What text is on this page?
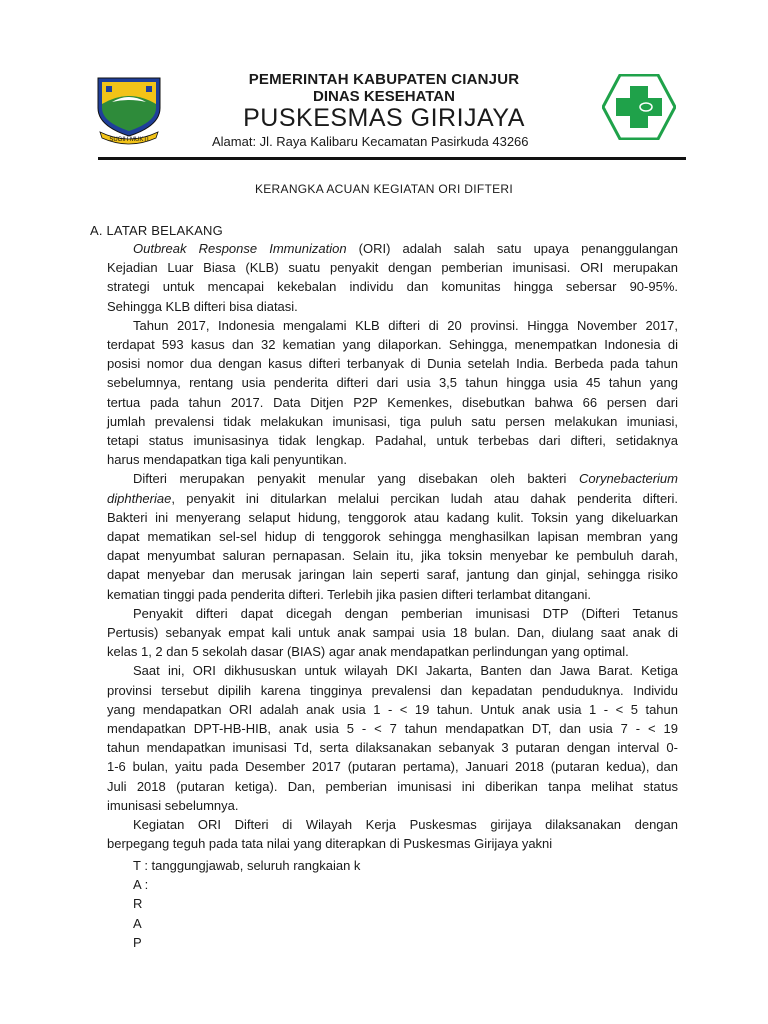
SUGIH MUKTI
PEMERINTAH KABUPATEN CIANJUR
DINAS KESEHATAN
PUSKESMAS GIRIJAYA
Alamat: Jl. Raya Kalibaru Kecamatan Pasirkuda 43266
KERANGKA ACUAN KEGIATAN ORI DIFTERI
A. LATAR BELAKANG
Outbreak Response Immunization (ORI) adalah salah satu upaya penanggulangan
Kejadian Luar Biasa (KLB) suatu penyakit dengan pemberian imunisasi. ORI merupakan
strategi untuk mencapai kekebalan individu dan komunitas hingga sebersar 90-95%.
Sehingga KLB difteri bisa diatasi.
Tahun 2017, Indonesia mengalami KLB difteri di 20 provinsi. Hingga November 2017,
terdapat 593 kasus dan 32 kematian yang dilaporkan. Sehingga, menempatkan Indonesia di
posisi nomor dua dengan kasus difteri terbanyak di Dunia setelah India. Berbeda pada tahun
sebelumnya, rentang usia penderita difteri dari usia 3,5 tahun hingga usia 45 tahun yang
tertua pada tahun 2017. Data Ditjen P2P Kemenkes, disebutkan bahwa 66 persen dari
jumlah prevalensi tidak melakukan imunisasi, tiga puluh satu persen melakukan imuniasi,
tetapi status imunisasinya tidak lengkap. Padahal, untuk terbebas dari difteri, setidaknya
harus mendapatkan tiga kali penyuntikan.
Difteri merupakan penyakit menular yang disebakan oleh bakteri Corynebacterium
diphtheriae, penyakit ini ditularkan melalui percikan ludah atau dahak penderita difteri.
Bakteri ini menyerang selaput hidung, tenggorok atau kadang kulit. Toksin yang dikeluarkan
dapat mematikan sel-sel hidup di tenggorok sehingga menghasilkan lapisan membran yang
dapat menyumbat saluran pernapasan. Selain itu, jika toksin menyebar ke pembuluh darah,
dapat menyebar dan merusak jaringan lain seperti saraf, jantung dan ginjal, sehingga risiko
kematian tinggi pada penderita difteri. Terlebih jika pasien difteri terlambat ditangani.
Penyakit difteri dapat dicegah dengan pemberian imunisasi DTP (Difteri Tetanus
Pertusis) sebanyak empat kali untuk anak sampai usia 18 bulan. Dan, diulang saat anak di
kelas 1, 2 dan 5 sekolah dasar (BIAS) agar anak mendapatkan perlindungan yang optimal.
Saat ini, ORI dikhususkan untuk wilayah DKI Jakarta, Banten dan Jawa Barat. Ketiga
provinsi tersebut dipilih karena tingginya prevalensi dan kepadatan penduduknya. Individu
yang mendapatkan ORI adalah anak usia 1 - < 19 tahun. Untuk anak usia 1 - < 5 tahun
mendapatkan DPT-HB-HIB, anak usia 5 - < 7 tahun mendapatkan DT, dan usia 7 - < 19
tahun mendapatkan imunisasi Td, serta dilaksanakan sebanyak 3 putaran dengan interval 0-
1-6 bulan, yaitu pada Desember 2017 (putaran pertama), Januari 2018 (putaran kedua), dan
Juli 2018 (putaran ketiga). Dan, pemberian imunisasi ini diberikan tanpa melihat status
imunisasi sebelumnya.
Kegiatan ORI Difteri di Wilayah Kerja Puskesmas girijaya dilaksanakan dengan
berpegang teguh pada tata nilai yang diterapkan di Puskesmas Girijaya yakni
T : tanggungjawab, seluruh rangkaian k
A :
R
A
P
